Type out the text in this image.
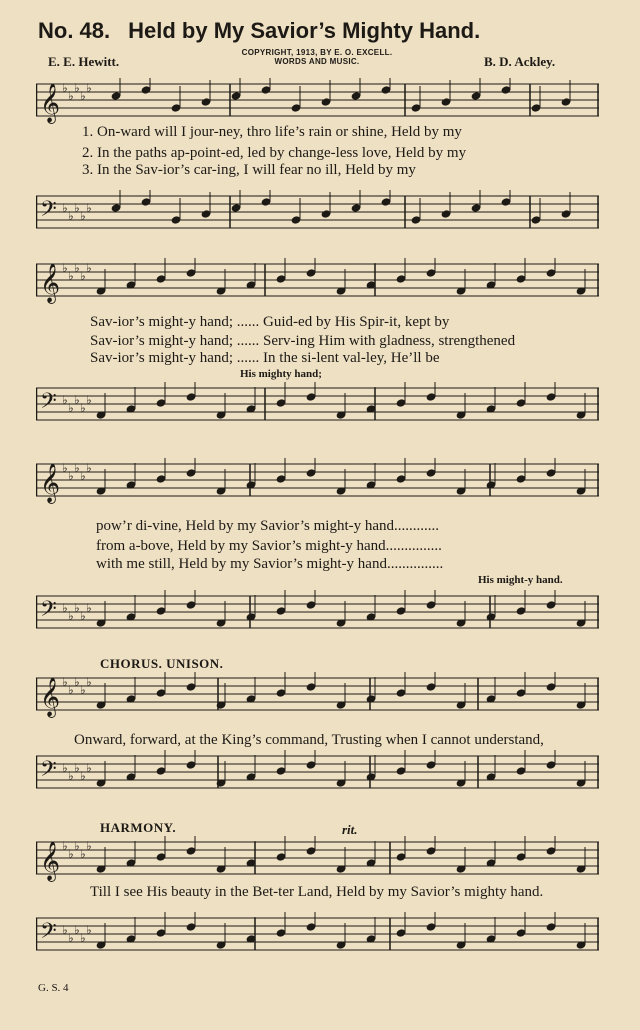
No. 48. Held by My Savior’s Mighty Hand.
E. E. Hewitt.
COPYRIGHT, 1913, BY E. O. EXCELL.
WORDS AND MUSIC.	B. D. Ackley.
𝄞 ♭
♭
♭
♭
♭
1. On-ward will I jour-ney, thro life’s rain or shine, Held by my
2. In the paths ap-point-ed, led by change-less love, Held by my
3. In the Sav-ior’s car-ing, I will fear no ill, Held by my
𝄢 ♭
♭
♭
♭
♭
𝄞 ♭
♭
♭
♭
♭
Sav-ior’s might-y hand; ...... Guid-ed by His Spir-it, kept by
Sav-ior’s might-y hand; ...... Serv-ing Him with gladness, strengthened
Sav-ior’s might-y hand; ...... In the si-lent val-ley, He’ll be
His mighty hand;
𝄢 ♭
♭
♭
♭
♭
𝄞 ♭
♭
♭
♭
♭
pow’r di-vine, Held by my Savior’s might-y hand............
from a-bove, Held by my Savior’s might-y hand...............
with me still, Held by my Savior’s might-y hand...............
His might-y hand.
𝄢 ♭
♭
♭
♭
♭
CHORUS. UNISON.
𝄞 ♭
♭
♭
♭
♭
Onward, forward, at the King’s command, Trusting when I cannot understand,
𝄢 ♭
♭
♭
♭
♭
HARMONY.	rit.
𝄞 ♭
♭
♭
♭
♭
Till I see His beauty in the Bet-ter Land, Held by my Savior’s mighty hand.
𝄢 ♭
♭
♭
♭
♭
G. S. 4
